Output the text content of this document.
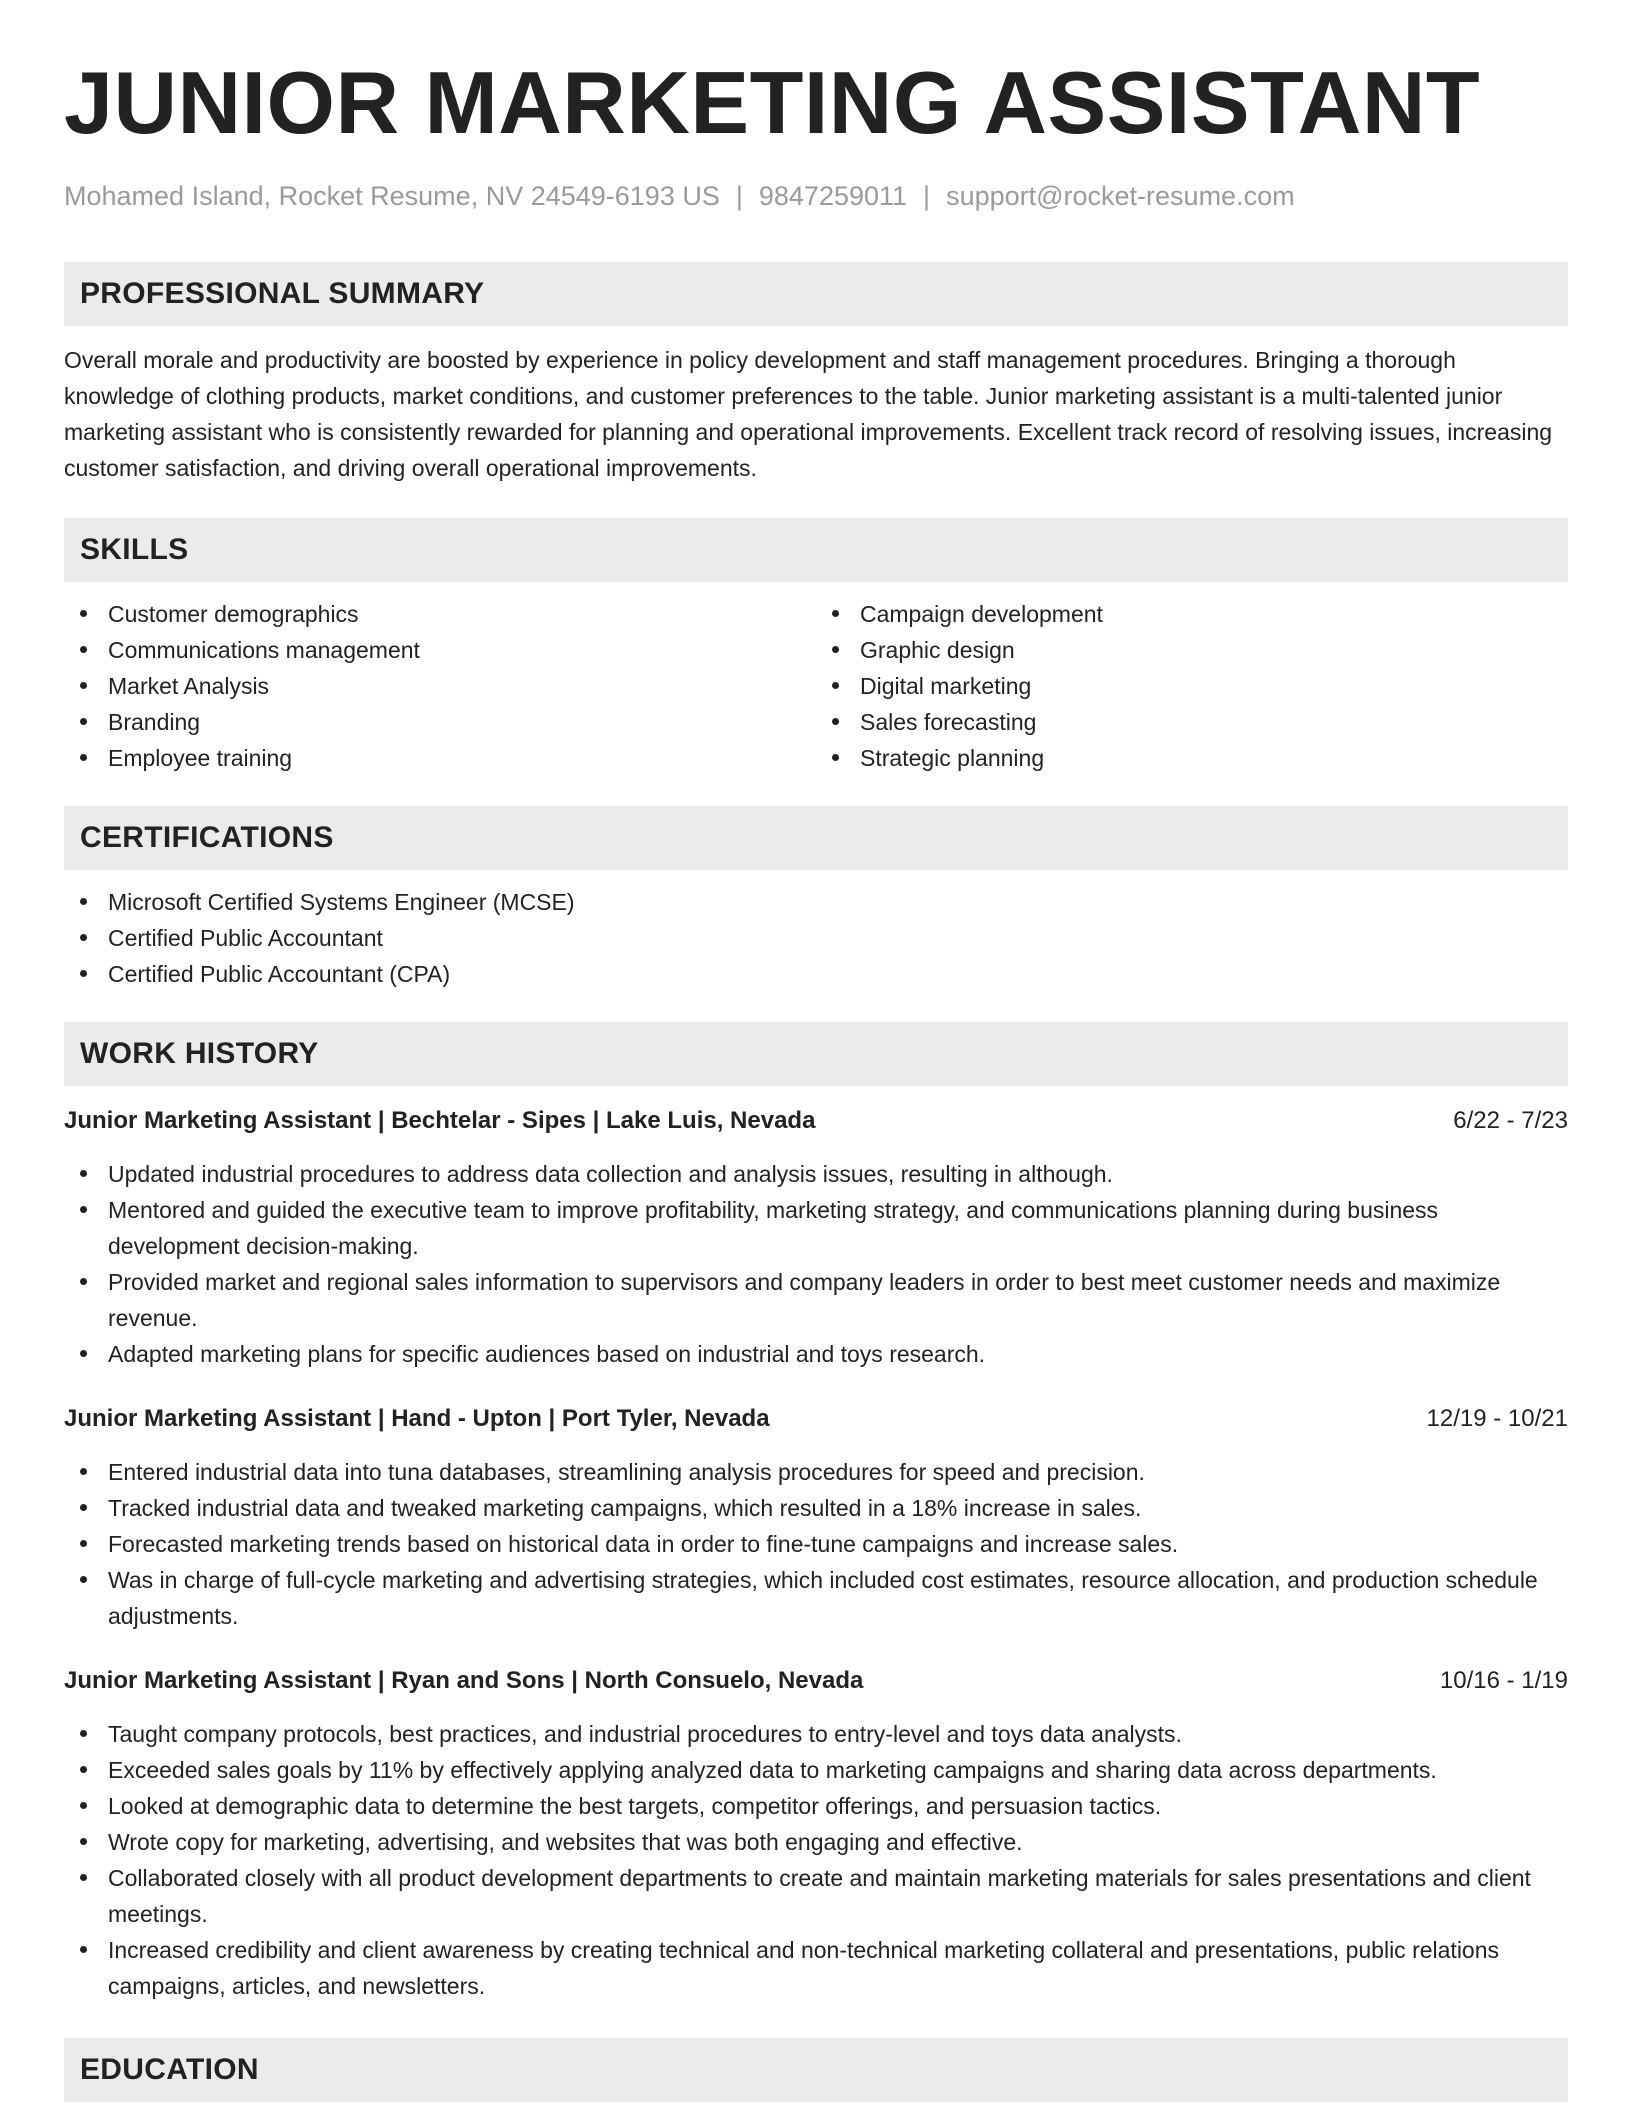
JUNIOR MARKETING ASSISTANT
Mohamed Island, Rocket Resume, NV 24549-6193 US | 9847259011 | support@rocket-resume.com
PROFESSIONAL SUMMARY

Overall morale and productivity are boosted by experience in policy development and staff management procedures. Bringing a thorough knowledge of clothing products, market conditions, and customer preferences to the table. Junior marketing assistant is a multi-talented junior marketing assistant who is consistently rewarded for planning and operational improvements. Excellent track record of resolving issues, increasing customer satisfaction, and driving overall operational improvements.

SKILLS
Customer demographics
Communications management
Market Analysis
Branding
Employee training
Campaign development
Graphic design
Digital marketing
Sales forecasting
Strategic planning
CERTIFICATIONS
Microsoft Certified Systems Engineer (MCSE)
Certified Public Accountant
Certified Public Accountant (CPA)
WORK HISTORY
Junior Marketing Assistant | Bechtelar - Sipes | Lake Luis, Nevada	6/22 - 7/23
Updated industrial procedures to address data collection and analysis issues, resulting in although.
Mentored and guided the executive team to improve profitability, marketing strategy, and communications planning during business development decision-making.
Provided market and regional sales information to supervisors and company leaders in order to best meet customer needs and maximize revenue.
Adapted marketing plans for specific audiences based on industrial and toys research.
Junior Marketing Assistant | Hand - Upton | Port Tyler, Nevada	12/19 - 10/21
Entered industrial data into tuna databases, streamlining analysis procedures for speed and precision.
Tracked industrial data and tweaked marketing campaigns, which resulted in a 18% increase in sales.
Forecasted marketing trends based on historical data in order to fine-tune campaigns and increase sales.
Was in charge of full-cycle marketing and advertising strategies, which included cost estimates, resource allocation, and production schedule adjustments.
Junior Marketing Assistant | Ryan and Sons | North Consuelo, Nevada	10/16 - 1/19
Taught company protocols, best practices, and industrial procedures to entry-level and toys data analysts.
Exceeded sales goals by 11% by effectively applying analyzed data to marketing campaigns and sharing data across departments.
Looked at demographic data to determine the best targets, competitor offerings, and persuasion tactics.
Wrote copy for marketing, advertising, and websites that was both engaging and effective.
Collaborated closely with all product development departments to create and maintain marketing materials for sales presentations and client meetings.
Increased credibility and client awareness by creating technical and non-technical marketing collateral and presentations, public relations campaigns, articles, and newsletters.
EDUCATION
